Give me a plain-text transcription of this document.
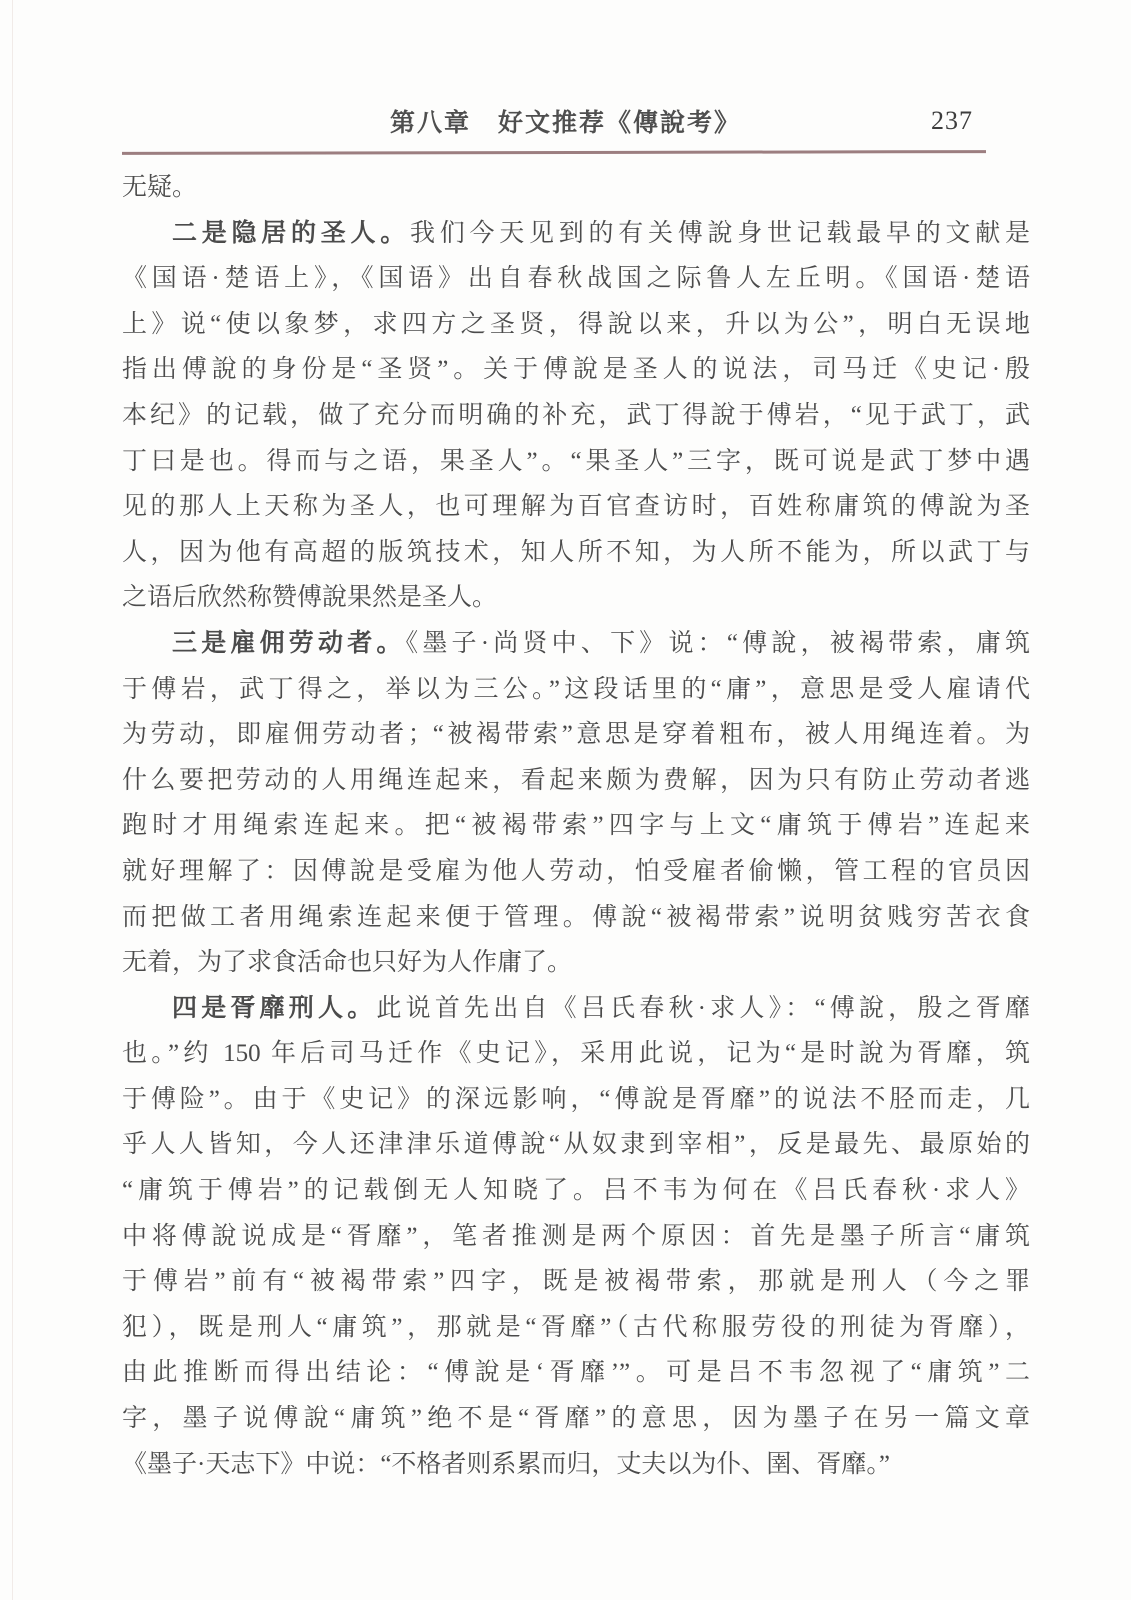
第八章　好文推荐《傳說考》	237
无疑。
二是隐居的圣人。我们今天见到的有关傅說身世记载最早的文献是
《国语·楚语上》，《国语》出自春秋战国之际鲁人左丘明。《国语·楚语
上》说“使以象梦，求四方之圣贤，得說以来，升以为公”，明白无误地
指出傅說的身份是“圣贤”。关于傅說是圣人的说法，司马迁《史记·殷
本纪》的记载，做了充分而明确的补充，武丁得說于傅岩，“见于武丁，武
丁曰是也。得而与之语，果圣人”。“果圣人”三字，既可说是武丁梦中遇
见的那人上天称为圣人，也可理解为百官查访时，百姓称庸筑的傅說为圣
人，因为他有高超的版筑技术，知人所不知，为人所不能为，所以武丁与
之语后欣然称赞傅說果然是圣人。
三是雇佣劳动者。《墨子·尚贤中、下》说：“傅說，被褐带索，庸筑
于傅岩，武丁得之，举以为三公。”这段话里的“庸”，意思是受人雇请代
为劳动，即雇佣劳动者；“被褐带索”意思是穿着粗布，被人用绳连着。为
什么要把劳动的人用绳连起来，看起来颇为费解，因为只有防止劳动者逃
跑时才用绳索连起来。把“被褐带索”四字与上文“庸筑于傅岩”连起来
就好理解了：因傅說是受雇为他人劳动，怕受雇者偷懒，管工程的官员因
而把做工者用绳索连起来便于管理。傅說“被褐带索”说明贫贱穷苦衣食
无着，为了求食活命也只好为人作庸了。
四是胥靡刑人。此说首先出自《吕氏春秋·求人》：“傅說，殷之胥靡
也。”约 150 年后司马迁作《史记》，采用此说，记为“是时說为胥靡，筑
于傅险”。由于《史记》的深远影响，“傅說是胥靡”的说法不胫而走，几
乎人人皆知，今人还津津乐道傅說“从奴隶到宰相”，反是最先、最原始的
“庸筑于傅岩”的记载倒无人知晓了。吕不韦为何在《吕氏春秋·求人》
中将傅說说成是“胥靡”，笔者推测是两个原因：首先是墨子所言“庸筑
于傅岩”前有“被褐带索”四字，既是被褐带索，那就是刑人（今之罪
犯），既是刑人“庸筑”，那就是“胥靡”（古代称服劳役的刑徒为胥靡），
由此推断而得出结论：“傅說是‘胥靡’”。可是吕不韦忽视了“庸筑”二
字，墨子说傅說“庸筑”绝不是“胥靡”的意思，因为墨子在另一篇文章
《墨子·天志下》中说：“不格者则系累而归，丈夫以为仆、圉、胥靡。”
